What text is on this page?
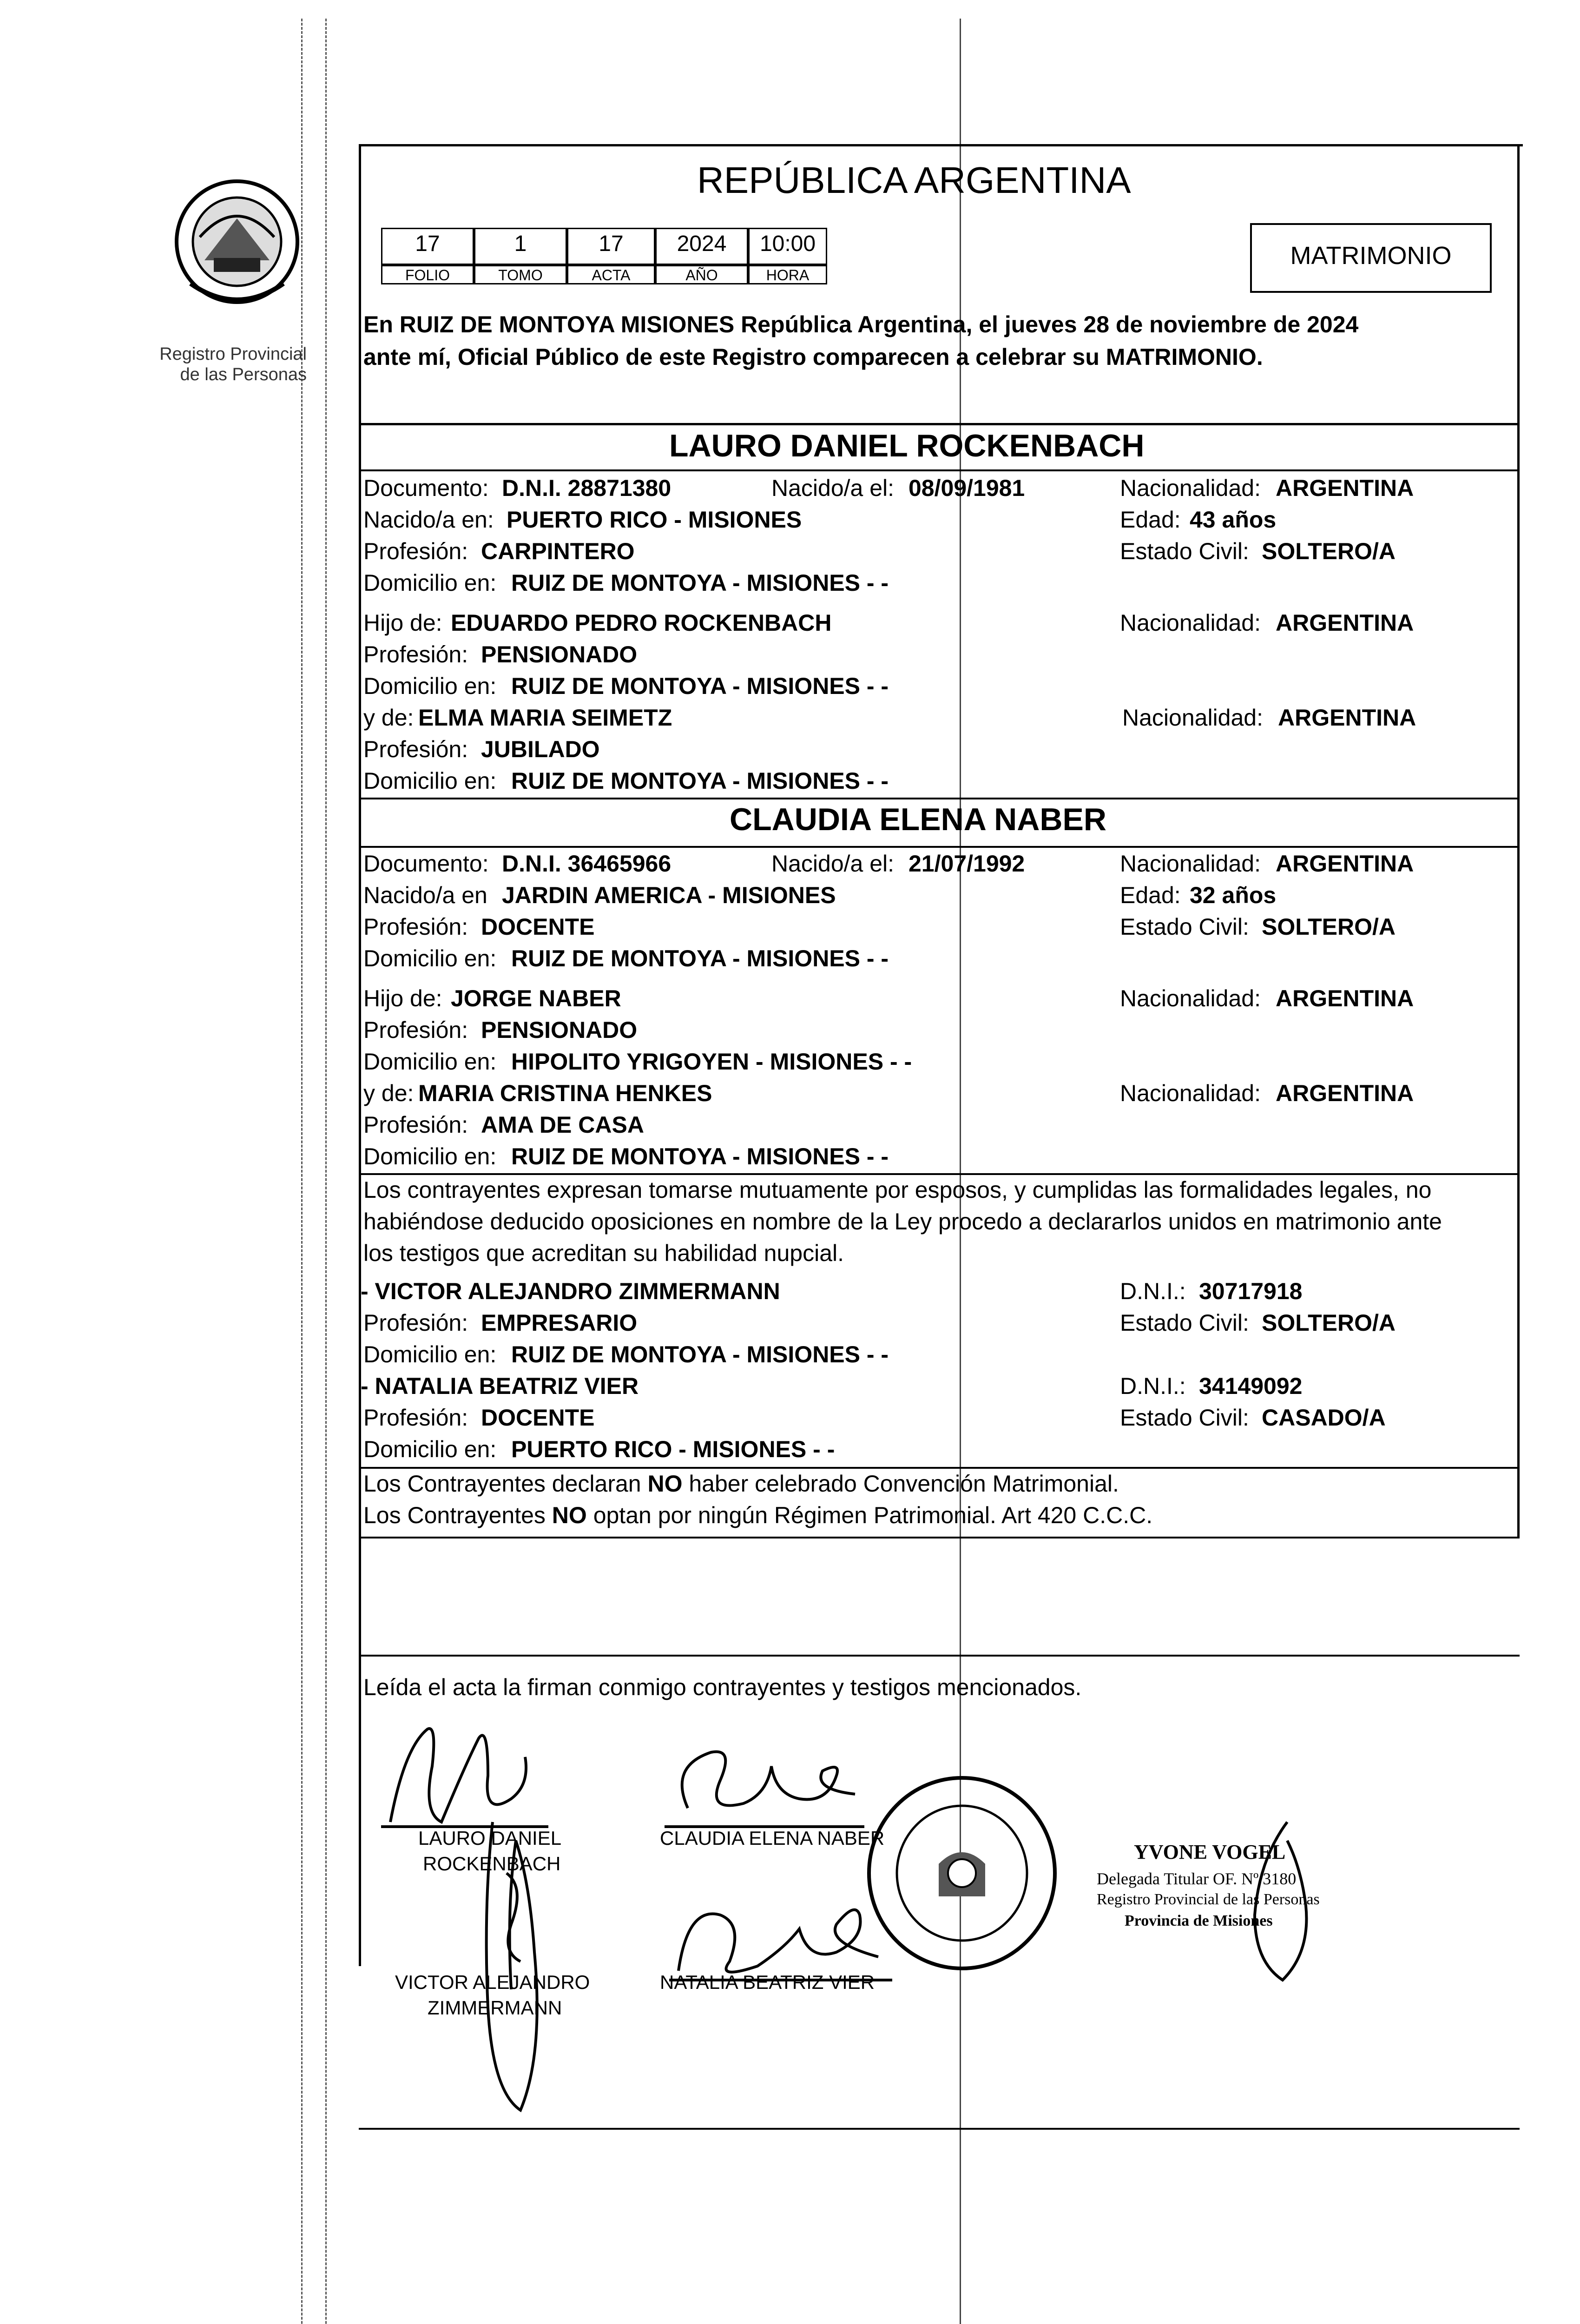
Registro Provincial
de las Personas
REPÚBLICA ARGENTINA
17	1	17	2024	10:00
FOLIO	TOMO	ACTA	AÑO	HORA
MATRIMONIO
En RUIZ DE MONTOYA MISIONES República Argentina, el jueves 28 de noviembre de 2024
ante mí, Oficial Público de este Registro comparecen a celebrar su MATRIMONIO.
LAURO DANIEL ROCKENBACH
Documento: D.N.I. 28871380	Nacido/a el: 08/09/1981	Nacionalidad: ARGENTINA
Nacido/a en: PUERTO RICO - MISIONES	Edad: 43 años
Profesión: CARPINTERO	Estado Civil: SOLTERO/A
Domicilio en: RUIZ DE MONTOYA - MISIONES - -
Hijo de: EDUARDO PEDRO ROCKENBACH	Nacionalidad: ARGENTINA
Profesión: PENSIONADO
Domicilio en: RUIZ DE MONTOYA - MISIONES - -
y de: ELMA MARIA SEIMETZ	Nacionalidad: ARGENTINA
Profesión: JUBILADO
Domicilio en: RUIZ DE MONTOYA - MISIONES - -
CLAUDIA ELENA NABER
Documento: D.N.I. 36465966	Nacido/a el: 21/07/1992	Nacionalidad: ARGENTINA
Nacido/a en JARDIN AMERICA - MISIONES	Edad: 32 años
Profesión: DOCENTE	Estado Civil: SOLTERO/A
Domicilio en: RUIZ DE MONTOYA - MISIONES - -
Hijo de: JORGE NABER	Nacionalidad: ARGENTINA
Profesión: PENSIONADO
Domicilio en: HIPOLITO YRIGOYEN - MISIONES - -
y de: MARIA CRISTINA HENKES	Nacionalidad: ARGENTINA
Profesión: AMA DE CASA
Domicilio en: RUIZ DE MONTOYA - MISIONES - -
Los contrayentes expresan tomarse mutuamente por esposos, y cumplidas las formalidades legales, no
habiéndose deducido oposiciones en nombre de la Ley procedo a declararlos unidos en matrimonio ante
los testigos que acreditan su habilidad nupcial.
- VICTOR ALEJANDRO ZIMMERMANN	D.N.I.: 30717918
Profesión: EMPRESARIO	Estado Civil: SOLTERO/A
Domicilio en: RUIZ DE MONTOYA - MISIONES - -
- NATALIA BEATRIZ VIER	D.N.I.: 34149092
Profesión: DOCENTE	Estado Civil: CASADO/A
Domicilio en: PUERTO RICO - MISIONES - -
Los Contrayentes declaran NO haber celebrado Convención Matrimonial.
Los Contrayentes NO optan por ningún Régimen Patrimonial. Art 420 C.C.C.
Leída el acta la firman conmigo contrayentes y testigos mencionados.
LAURO DANIEL
ROCKENBACH
VICTOR ALEJANDRO
ZIMMERMANN
CLAUDIA ELENA NABER
NATALIA BEATRIZ VIER
YVONE VOGEL
Delegada Titular OF. Nº 3180
Registro Provincial de las Personas
Provincia de Misiones
